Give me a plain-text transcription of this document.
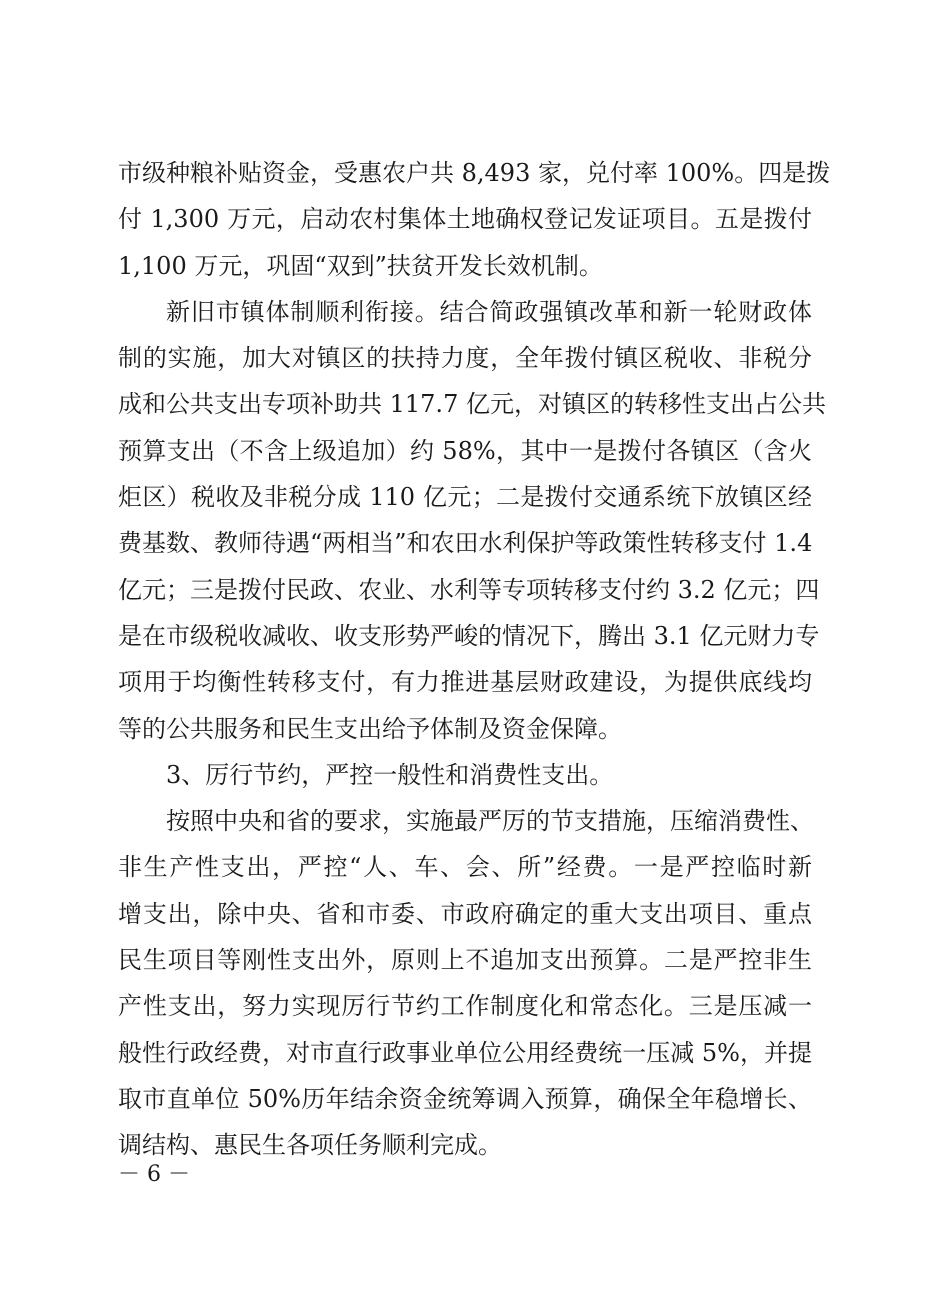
市级种粮补贴资金，受惠农户共 8,493 家，兑付率 100%。四是拨
付 1,300 万元，启动农村集体土地确权登记发证项目。五是拨付
1,100 万元，巩固“双到”扶贫开发长效机制。
新旧市镇体制顺利衔接。结合简政强镇改革和新一轮财政体
制的实施，加大对镇区的扶持力度，全年拨付镇区税收、非税分
成和公共支出专项补助共 117.7 亿元，对镇区的转移性支出占公共
预算支出（不含上级追加）约 58%，其中一是拨付各镇区（含火
炬区）税收及非税分成 110 亿元；二是拨付交通系统下放镇区经
费基数、教师待遇“两相当”和农田水利保护等政策性转移支付 1.4
亿元；三是拨付民政、农业、水利等专项转移支付约 3.2 亿元；四
是在市级税收减收、收支形势严峻的情况下，腾出 3.1 亿元财力专
项用于均衡性转移支付，有力推进基层财政建设，为提供底线均
等的公共服务和民生支出给予体制及资金保障。
3、厉行节约，严控一般性和消费性支出。
按照中央和省的要求，实施最严厉的节支措施，压缩消费性、
非生产性支出，严控“人、车、会、所”经费。一是严控临时新
增支出，除中央、省和市委、市政府确定的重大支出项目、重点
民生项目等刚性支出外，原则上不追加支出预算。二是严控非生
产性支出，努力实现厉行节约工作制度化和常态化。三是压减一
般性行政经费，对市直行政事业单位公用经费统一压减 5%，并提
取市直单位 50%历年结余资金统筹调入预算，确保全年稳增长、
调结构、惠民生各项任务顺利完成。
－ 6 －
